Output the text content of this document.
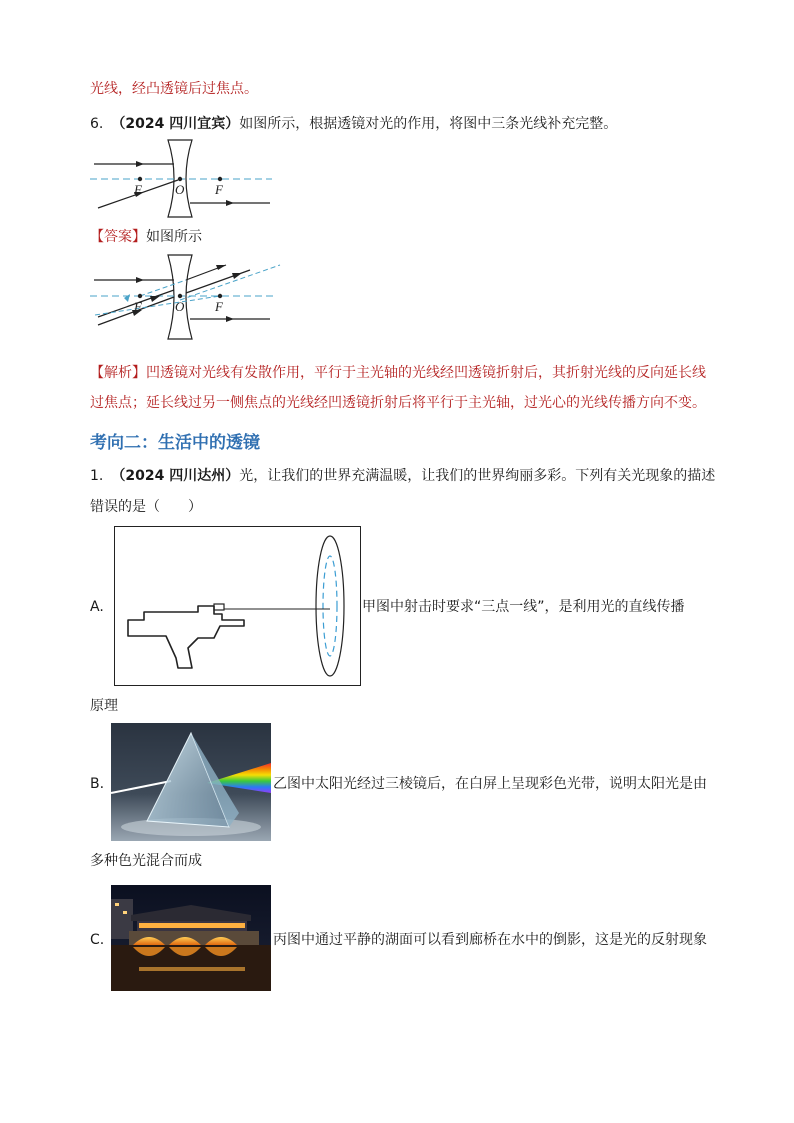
光线，经凸透镜后过焦点。
6. （2024 四川宜宾）如图所示，根据透镜对光的作用，将图中三条光线补充完整。
F	O F
【答案】如图所示
F	O F
【解析】凹透镜对光线有发散作用，平行于主光轴的光线经凹透镜折射后，其折射光线的反向延长线
过焦点；延长线过另一侧焦点的光线经凹透镜折射后将平行于主光轴，过光心的光线传播方向不变。
考向二：生活中的透镜
1. （2024 四川达州）光，让我们的世界充满温暖，让我们的世界绚丽多彩。下列有关光现象的描述
错误的是（　　）
A.	甲图中射击时要求“三点一线”，是利用光的直线传播
原理
B.	乙图中太阳光经过三棱镜后，在白屏上呈现彩色光带，说明太阳光是由
多种色光混合而成
C.	丙图中通过平静的湖面可以看到廊桥在水中的倒影，这是光的反射现象
